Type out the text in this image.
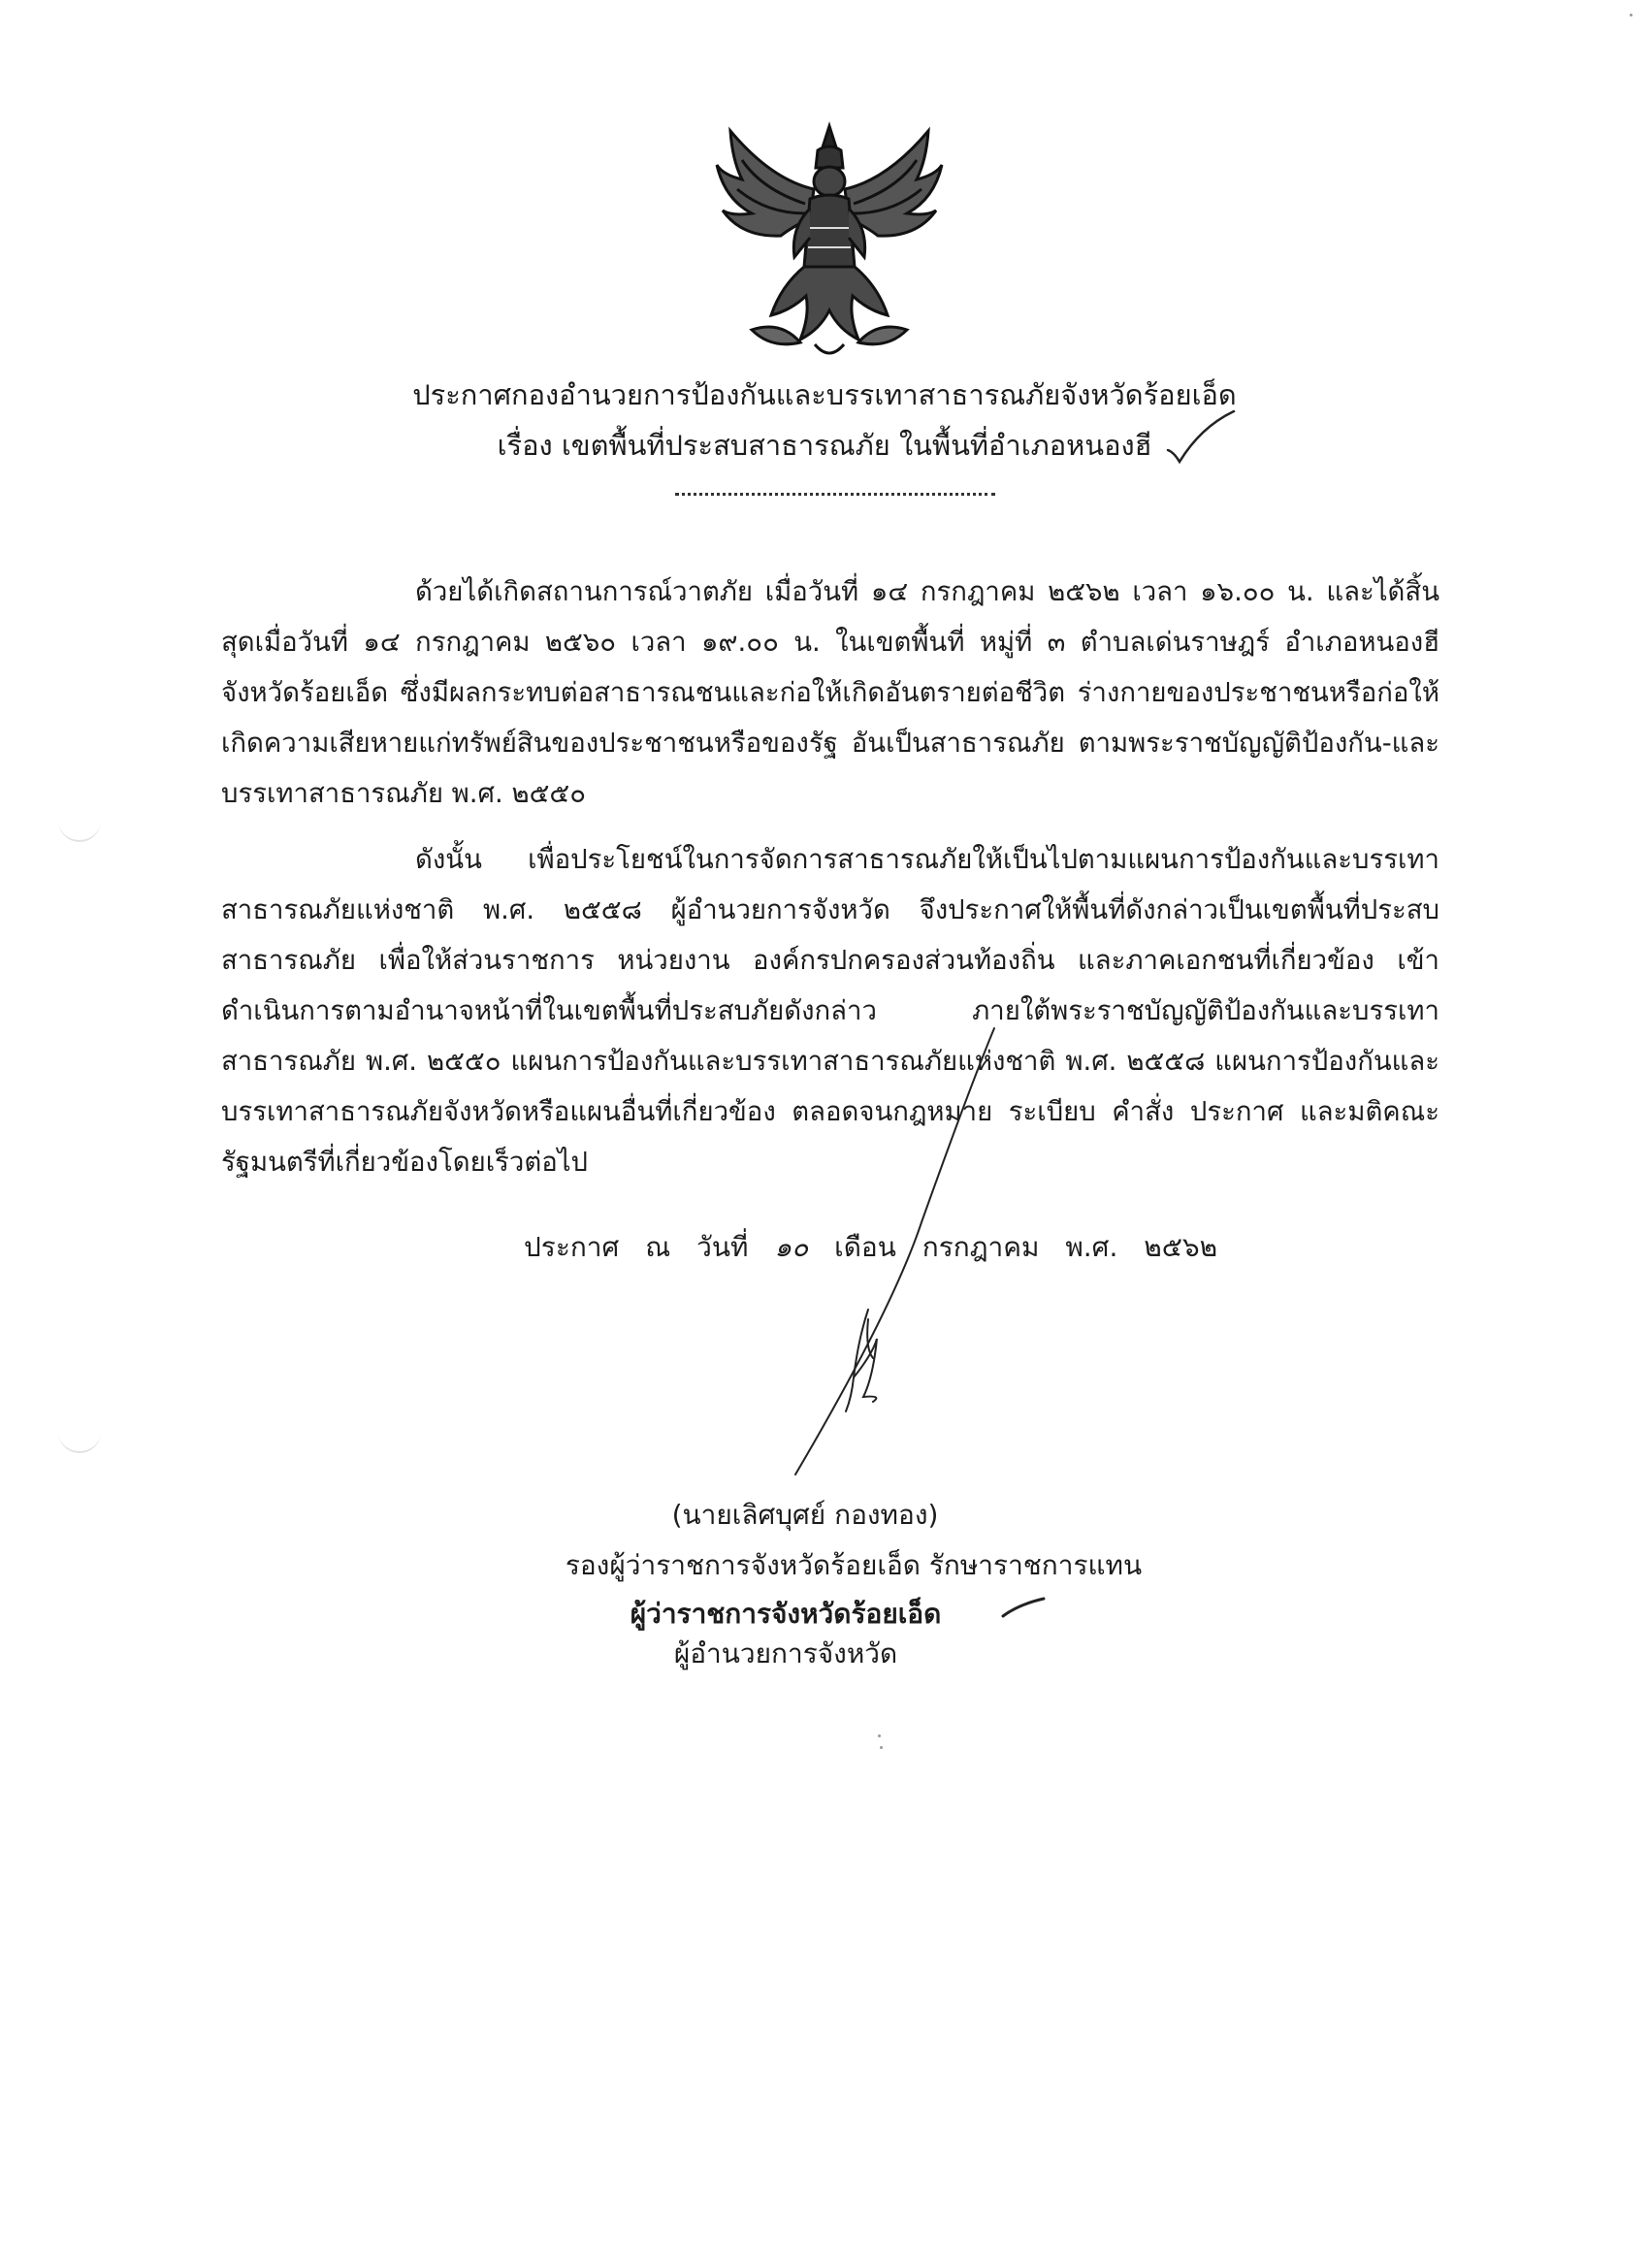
ประกาศกองอำนวยการป้องกันและบรรเทาสาธารณภัยจังหวัดร้อยเอ็ด
เรื่อง เขตพื้นที่ประสบสาธารณภัย ในพื้นที่อำเภอหนองฮี

ด้วยได้เกิดสถานการณ์วาตภัย เมื่อวันที่ ๑๔ กรกฎาคม ๒๕๖๒ เวลา ๑๖.๐๐ น. และได้สิ้นสุดเมื่อวันที่ ๑๔ กรกฎาคม ๒๕๖๐ เวลา ๑๙.๐๐ น. ในเขตพื้นที่ หมู่ที่ ๓ ตำบลเด่นราษฎร์ อำเภอหนองฮี จังหวัดร้อยเอ็ด ซึ่งมีผลกระทบต่อสาธารณชนและก่อให้เกิดอันตรายต่อชีวิต ร่างกายของประชาชนหรือก่อให้เกิดความเสียหายแก่ทรัพย์สินของประชาชนหรือของรัฐ อันเป็นสาธารณภัย ตามพระราชบัญญัติป้องกัน-และบรรเทาสาธารณภัย พ.ศ. ๒๕๕๐

ดังนั้น เพื่อประโยชน์ในการจัดการสาธารณภัยให้เป็นไปตามแผนการป้องกันและบรรเทาสาธารณภัยแห่งชาติ พ.ศ. ๒๕๕๘ ผู้อำนวยการจังหวัด จึงประกาศให้พื้นที่ดังกล่าวเป็นเขตพื้นที่ประสบสาธารณภัย เพื่อให้ส่วนราชการ หน่วยงาน องค์กรปกครองส่วนท้องถิ่น และภาคเอกชนที่เกี่ยวข้อง เข้าดำเนินการตามอำนาจหน้าที่ในเขตพื้นที่ประสบภัยดังกล่าว ภายใต้พระราชบัญญัติป้องกันและบรรเทาสาธารณภัย พ.ศ. ๒๕๕๐ แผนการป้องกันและบรรเทาสาธารณภัยแห่งชาติ พ.ศ. ๒๕๕๘ แผนการป้องกันและบรรเทาสาธารณภัยจังหวัดหรือแผนอื่นที่เกี่ยวข้อง ตลอดจนกฎหมาย ระเบียบ คำสั่ง ประกาศ และมติคณะรัฐมนตรีที่เกี่ยวข้องโดยเร็วต่อไป

ประกาศ ณ วันที่ ๑๐ เดือน กรกฎาคม พ.ศ. ๒๕๖๒
(นายเลิศบุศย์ กองทอง)
รองผู้ว่าราชการจังหวัดร้อยเอ็ด รักษาราชการแทน
ผู้ว่าราชการจังหวัดร้อยเอ็ด
ผู้อำนวยการจังหวัด
